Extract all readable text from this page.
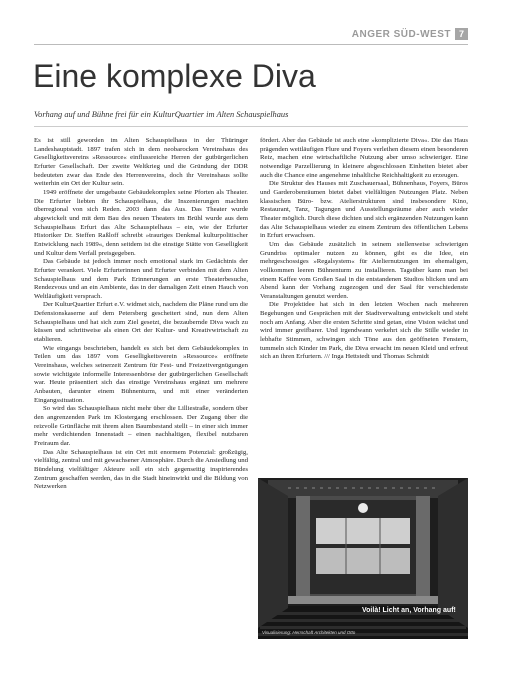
ANGER SÜD-WEST 7
Eine komplexe Diva

Vorhang auf und Bühne frei für ein KulturQuartier im Alten Schauspielhaus

Es ist still geworden im Alten Schauspielhaus in der Thüringer Landeshauptstadt. 1897 trafen sich in dem neobarocken Vereinshaus des Geselligkeitsvereins »Ressource« einflussreiche Herren der gutbürgerlichen Erfurter Gesellschaft. Der zweite Weltkrieg und die Gründung der DDR bedeuteten zwar das Ende des Herrenvereins, doch ihr Vereinshaus sollte weiterhin ein Ort der Kultur sein.

1949 eröffnete der umgebaute Gebäudekomplex seine Pforten als Theater. Die Erfurter liebten ihr Schauspielhaus, die Inszenierungen machten überregional von sich Reden. 2003 dann das Aus. Das Theater wurde abgewickelt und mit dem Bau des neuen Theaters im Brühl wurde aus dem Schauspielhaus Erfurt das Alte Schauspielhaus – ein, wie der Erfurter Historiker Dr. Steffen Raßloff schreibt »trauriges Denkmal kulturpolitischer Entwicklung nach 1989«, denn seitdem ist die einstige Stätte von Geselligkeit und Kultur dem Verfall preisgegeben.

Das Gebäude ist jedoch immer noch emotional stark im Gedächtnis der Erfurter verankert. Viele Erfurterinnen und Erfurter verbinden mit dem Alten Schauspielhaus und dem Park Erinnerungen an erste Theaterbesuche, Rendezvous und an ein Ambiente, das in der damaligen Zeit einen Hauch von Weltläufigkeit versprach.

Der KulturQuartier Erfurt e.V. widmet sich, nachdem die Pläne rund um die Defensionskaserne auf dem Petersberg gescheitert sind, nun dem Alten Schauspielhaus und hat sich zum Ziel gesetzt, die bezaubernde Diva wach zu küssen und schrittweise als einen Ort der Kultur- und Kreativwirtschaft zu etablieren.

Wie eingangs beschrieben, handelt es sich bei dem Gebäudekomplex in Teilen um das 1897 vom Geselligkeitsverein »Ressource« eröffnete Vereinshaus, welches seinerzeit Zentrum für Fest- und Freizeitvergnügungen sowie wichtigste informelle Interessenbörse der gutbürgerlichen Gesellschaft war. Heute präsentiert sich das einstige Vereinshaus ergänzt um mehrere Anbauten, darunter einem Bühnenturm, und mit einer veränderten Eingangssituation.

So wird das Schauspielhaus nicht mehr über die Lilliestraße, sondern über den angrenzenden Park im Klostergang erschlossen. Der Zugang über die reizvolle Grünfläche mit ihrem alten Baumbestand stellt – in einer sich immer mehr verdichtenden Innenstadt – einen nachhaltigen, flexibel nutzbaren Freiraum dar.

Das Alte Schauspielhaus ist ein Ort mit enormem Potenzial: großzügig, vielfältig, zentral und mit gewachsener Atmosphäre. Durch die Ansiedlung und Bündelung vielfältiger Akteure soll ein sich gegenseitig inspirierendes Zentrum geschaffen werden, das in die Stadt hineinwirkt und die Bildung von Netzwerken

fördert. Aber das Gebäude ist auch eine »komplizierte Diva«. Die das Haus prägenden weitläufigen Flure und Foyers verleihen diesem einen besonderen Reiz, machen eine wirtschaftliche Nutzung aber umso schwieriger. Eine notwendige Parzellierung in kleinere abgeschlossen Einheiten bietet aber auch die Chance eine angenehme inhaltliche Reichhaltigkeit zu erzeugen.

Die Struktur des Hauses mit Zuschauersaal, Bühnenhaus, Foyers, Büros und Garderobenräumen bietet dabei vielfältigen Nutzungen Platz. Neben klassischen Büro- bzw. Atelierstrukturen sind insbesondere Kino, Restaurant, Tanz, Tagungen und Ausstellungsräume aber auch wieder Theater möglich. Durch diese dichten und sich ergänzenden Nutzungen kann das Alte Schauspielhaus wieder zu einem Zentrum des öffentlichen Lebens in Erfurt erwachsen.

Um das Gebäude zusätzlich in seinem stellenweise schwierigen Grundriss optimaler nutzen zu können, gibt es die Idee, ein mehrgeschossiges »Regalsystem« für Ateliernutzungen im ehemaligen, vollkommen leeren Bühnenturm zu installieren. Tagsüber kann man bei einem Kaffee vom Großen Saal in die entstandenen Studios blicken und am Abend kann der Vorhang zugezogen und der Saal für verschiedenste Veranstaltungen genutzt werden.

Die Projektidee hat sich in den letzten Wochen nach mehreren Begehungen und Gesprächen mit der Stadtverwaltung entwickelt und steht noch am Anfang. Aber die ersten Schritte sind getan, eine Vision wächst und wird immer greifbarer. Und irgendwann verkehrt sich die Stille wieder in lebhafte Stimmen, schwingen sich Töne aus den geöffneten Fenstern, tummeln sich Kinder im Park, die Diva erwacht im neuen Kleid und erfreut sich an ihren Erfurtern. /// Inga Hettstedt und Thomas Schmidt

Voilà! Licht an, Vorhang auf!
Visualisierung: Herrschaft Architekten und Otto
